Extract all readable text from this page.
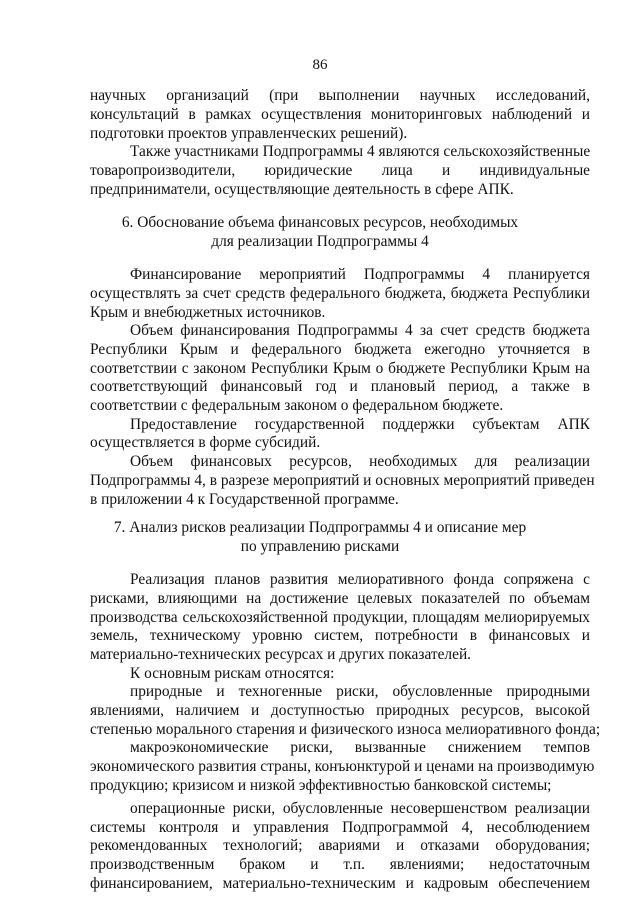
86
научных организаций (при выполнении научных исследований,
консультаций в рамках осуществления мониторинговых наблюдений и
подготовки проектов управленческих решений).
Также участниками Подпрограммы 4 являются сельскохозяйственные
товаропроизводители, юридические лица и индивидуальные
предприниматели, осуществляющие деятельность в сфере АПК.
6. Обоснование объема финансовых ресурсов, необходимых
для реализации Подпрограммы 4
Финансирование мероприятий Подпрограммы 4 планируется
осуществлять за счет средств федерального бюджета, бюджета Республики
Крым и внебюджетных источников.
Объем финансирования Подпрограммы 4 за счет средств бюджета
Республики Крым и федерального бюджета ежегодно уточняется в
соответствии с законом Республики Крым о бюджете Республики Крым на
соответствующий финансовый год и плановый период, а также в
соответствии с федеральным законом о федеральном бюджете.
Предоставление государственной поддержки субъектам АПК
осуществляется в форме субсидий.
Объем финансовых ресурсов, необходимых для реализации
Подпрограммы 4, в разрезе мероприятий и основных мероприятий приведен
в приложении 4 к Государственной программе.
7. Анализ рисков реализации Подпрограммы 4 и описание мер
по управлению рисками
Реализация планов развития мелиоративного фонда сопряжена с
рисками, влияющими на достижение целевых показателей по объемам
производства сельскохозяйственной продукции, площадям мелиорируемых
земель, техническому уровню систем, потребности в финансовых и
материально-технических ресурсах и других показателей.
К основным рискам относятся:
природные и техногенные риски, обусловленные природными
явлениями, наличием и доступностью природных ресурсов, высокой
степенью морального старения и физического износа мелиоративного фонда;
макроэкономические риски, вызванные снижением темпов
экономического развития страны, конъюнктурой и ценами на производимую
продукцию; кризисом и низкой эффективностью банковской системы;
операционные риски, обусловленные несовершенством реализации
системы контроля и управления Подпрограммой 4, несоблюдением
рекомендованных технологий; авариями и отказами оборудования;
производственным браком и т.п. явлениями; недостаточным
финансированием, материально-техническим и кадровым обеспечением
